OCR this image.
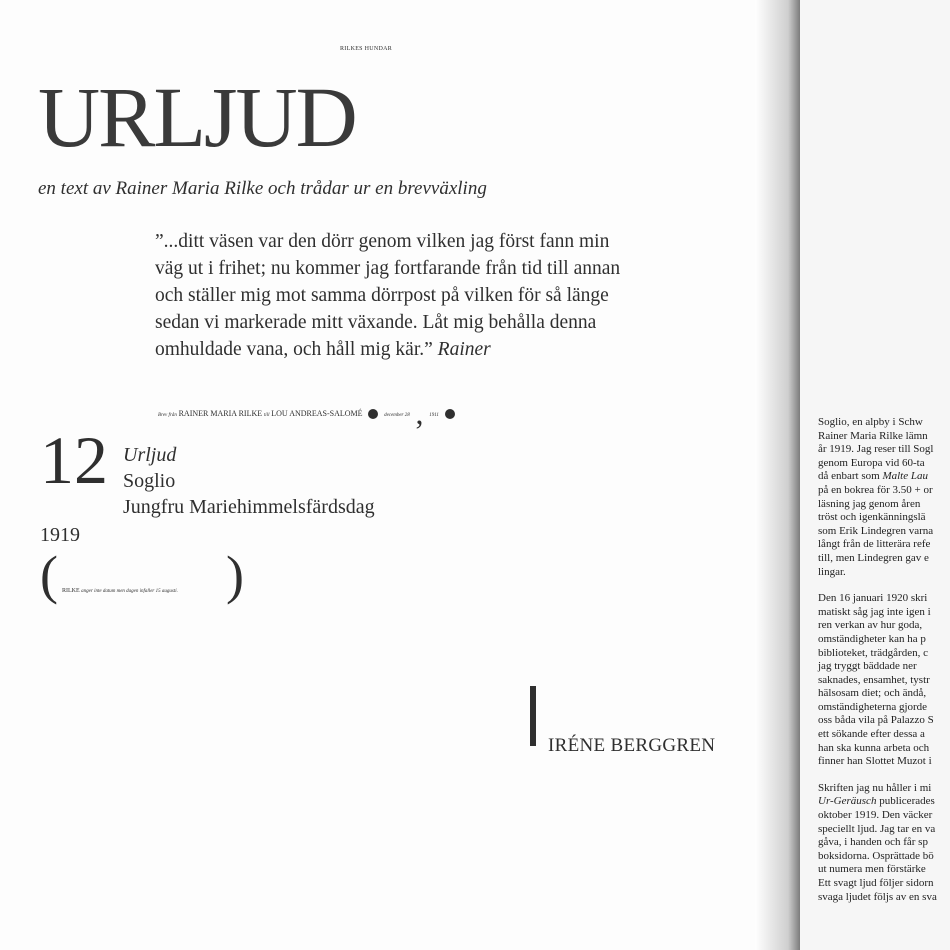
RILKES HUNDAR
URLJUD
en text av Rainer Maria Rilke och trådar ur en brevväxling
”...ditt väsen var den dörr genom vilken jag först fann min väg ut i frihet; nu kommer jag fortfarande från tid till annan och ställer mig mot samma dörrpost på vilken för så länge sedan vi markerade mitt växande. Låt mig behålla denna omhuldade vana, och håll mig kär.” Rainer
Brev från RAINER MARIA RILKE till LOU ANDREAS-SALOMÉ	december 28 , 1911
12 Urljud
Soglio
Jungfru Mariehimmelsfärdsdag
1919
( RILKE anger inte datum men dagen infaller 15 augusti. )
IRÉNE BERGGREN

Soglio, en alpby i Schw
Rainer Maria Rilke lämn
år 1919. Jag reser till Sogl
genom Europa vid 60-ta
då enbart som Malte Lau
på en bokrea för 3.50 + or
läsning jag genom åren
tröst och igenkänningslä
som Erik Lindegren varna
långt från de litterära refe
till, men Lindegren gav e
lingar.

Den 16 januari 1920 skri
matiskt såg jag inte igen i
ren verkan av hur goda,
omständigheter kan ha p
biblioteket, trädgården, c
jag tryggt bäddade ner
saknades, ensamhet, tystr
hälsosam diet; och ändå,
omständigheterna gjorde
oss båda vila på Palazzo S
ett sökande efter dessa a
han ska kunna arbeta och
finner han Slottet Muzot i

Skriften jag nu håller i mi
Ur-Geräusch publicerades
oktober 1919. Den väcker
speciellt ljud. Jag tar en va
gåva, i handen och får sp
boksidorna. Osprättade bö
ut numera men förstärke
Ett svagt ljud följer sidorn
svaga ljudet följs av en sva
